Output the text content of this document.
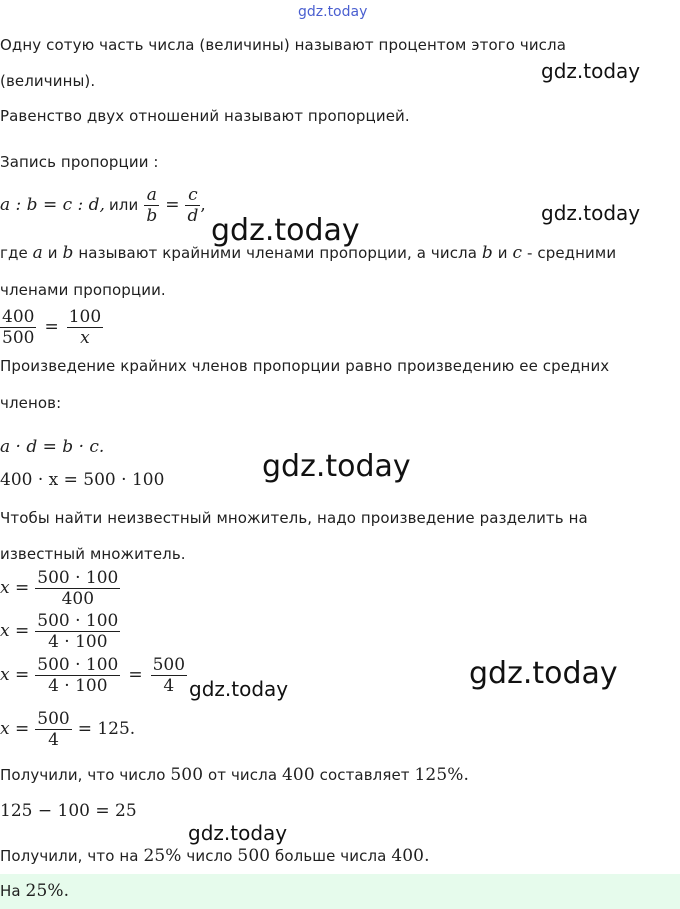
gdz.today
Одну сотую часть числа (величины) называют процентом этого числа
(величины).	gdz.today
Равенство двух отношений называют пропорцией.
Запись пропорции :
a : b = c : d, или $\frac{a}{b} = \frac{c}{d}$ ,	gdz.today
gdz.today
где a и b называют крайними членами пропорции, а числа b и c - средними
членами пропорции.
$\frac{400}{500} = \frac{100}{x}$
Произведение крайних членов пропорции равно произведению ее средних
членов:
a · d = b · c.
400 · x = 500 · 100	gdz.today
Чтобы найти неизвестный множитель, надо произведение разделить на
известный множитель.
$x = \frac{500 \cdot 100}{400}$
$x = \frac{500 \cdot 100}{4 \cdot 100}$
$x = \frac{500 \cdot 100}{4 \cdot 100} = \frac{500}{4}$ gdz.today	gdz.today
$x = \frac{500}{4} = 125$.
Получили, что число 500 от числа 400 составляет 125%.
125 − 100 = 25
gdz.today
Получили, что на 25% число 500 больше числа 400.
На 25%.
